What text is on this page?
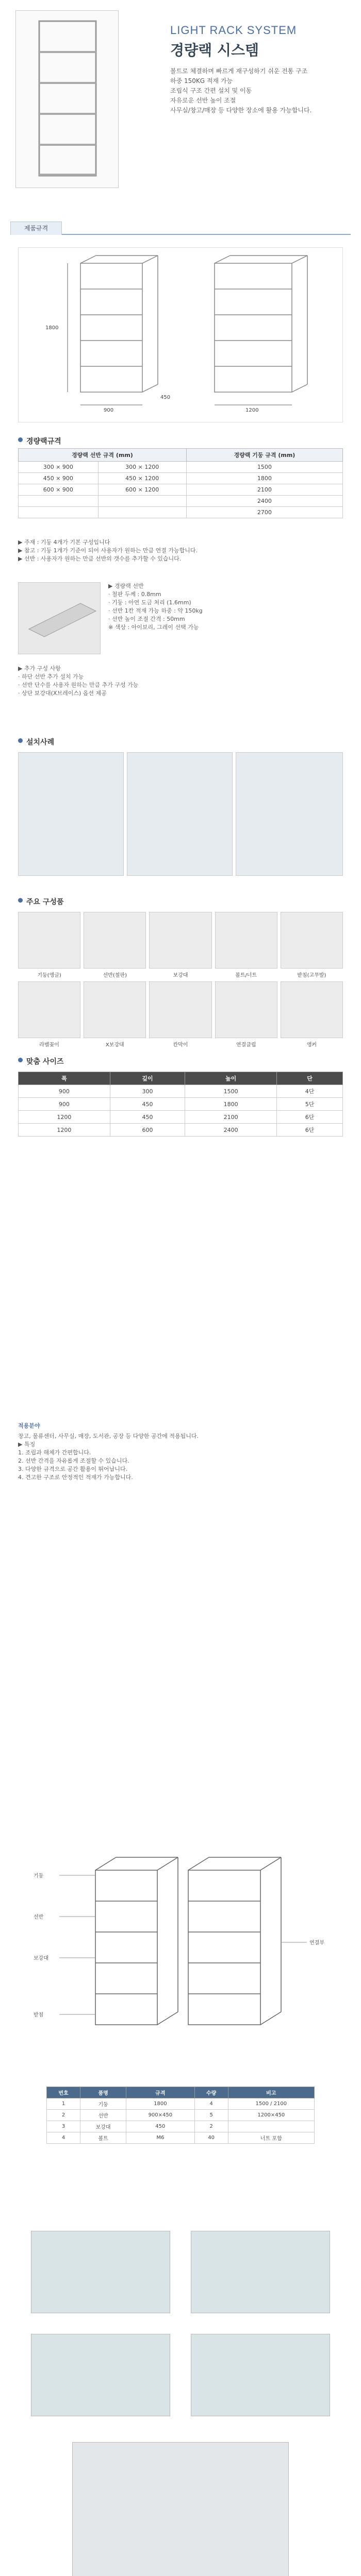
LIGHT RACK SYSTEM
경량랙 시스템

볼트로 체결하며 빠르게 재구성하기 쉬운 전통 구조

하중 150KG 적재 가능

조립식 구조 간편 설치 및 이동

자유로운 선반 높이 조절

사무실/창고/매장 등 다양한 장소에 활용 가능합니다.

제품규격
1800
900	1200
450
경량랙규격
경량랙 선반 규격 (mm)		경량랙 기둥 규격 (mm)
300 × 900	300 × 1200	1500
450 × 900	450 × 1200	1800
600 × 900	600 × 1200	2100
		2400
		2700

▶ 주재 : 기둥 4개가 기본 구성입니다

▶ 참고 : 기둥 1개가 기준이 되어 사용자가 원하는 만큼 연결 가능합니다.

▶ 선반 : 사용자가 원하는 만큼 선반의 갯수를 추가할 수 있습니다.

▶ 경량랙 선반

· 철판 두께 : 0.8mm

· 기둥 : 아연 도금 처리 (1.6mm)

· 선반 1칸 적재 가능 하중 : 약 150kg

· 선반 높이 조절 간격 : 50mm

※ 색상 : 아이보리, 그레이 선택 가능

▶ 추가 구성 사항

· 하단 선반 추가 설치 가능

· 선반 단수를 사용자 원하는 만큼 추가 구성 가능

· 상단 보강대(X브레이스) 옵션 제공

설치사례
주요 구성품
기둥(앵글)	선반(철판)	보강대	볼트/너트	받침(고무발)
라벨꽂이	X보강대	칸막이	연결클립	앵커
맞춤 사이즈
폭	깊이	높이	단
900	300	1500	4단
900	450	1800	5단
1200	450	2100	6단
1200	600	2400	6단
적용분야

창고, 물류센터, 사무실, 매장, 도서관, 공장 등 다양한 공간에 적용됩니다.

▶ 특징

1. 조립과 해체가 간편합니다.

2. 선반 간격을 자유롭게 조절할 수 있습니다.

3. 다양한 규격으로 공간 활용이 뛰어납니다.

4. 견고한 구조로 안정적인 적재가 가능합니다.

기둥
선반
보강대
받침
연결부
번호	품명	규격	수량	비고
1	기둥	1800	4	1500 / 2100
2	선반	900×450	5	1200×450
3	보강대	450	2	
4	볼트	M6	40	너트 포함
